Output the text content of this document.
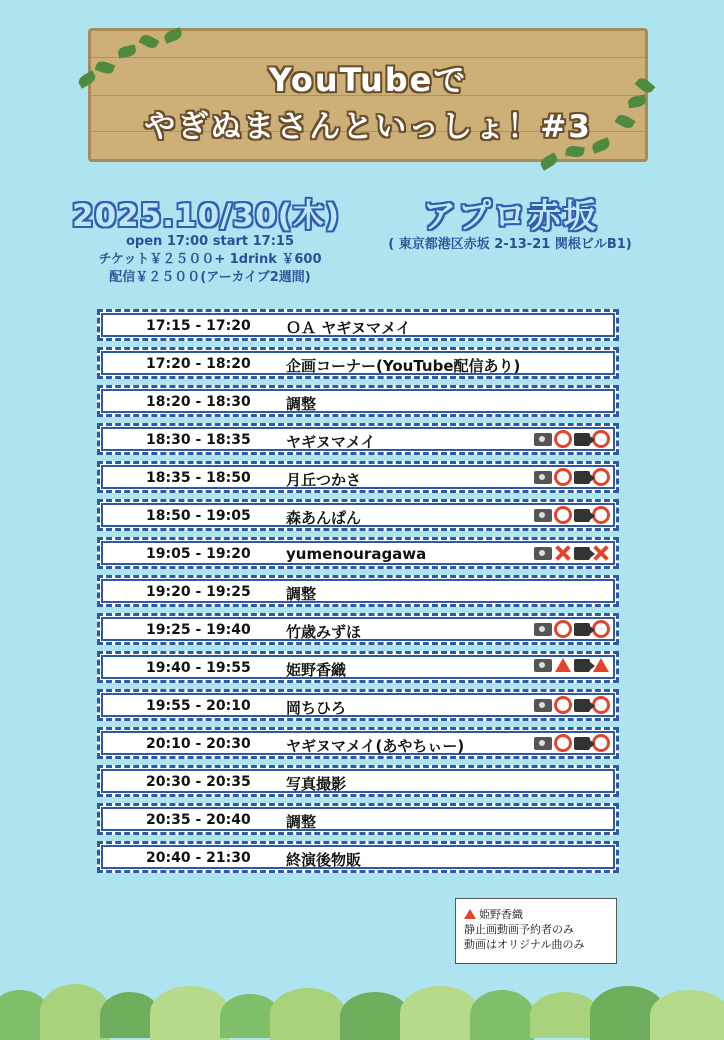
YouTubeで
やぎぬまさんといっしょ！#3
2025.10/30(木)	アプロ赤坂
( 東京都港区赤坂 2-13-21 関根ビルB1)
open 17:00 start 17:15
チケット￥２５００+ 1drink ￥600
配信￥２５００(アーカイブ2週間)
17:15 - 17:20 ＯＡ ヤギヌマメイ
17:20 - 18:20 企画コーナー(YouTube配信あり)
18:20 - 18:30 調整
18:30 - 18:35 ヤギヌマメイ
18:35 - 18:50 月丘つかさ
18:50 - 19:05 森あんぱん
19:05 - 19:20 yumenouragawa
19:20 - 19:25 調整
19:25 - 19:40 竹歳みずほ
19:40 - 19:55 姫野香織
19:55 - 20:10 岡ちひろ
20:10 - 20:30 ヤギヌマメイ(あやちぃー)
20:30 - 20:35 写真撮影
20:35 - 20:40 調整
20:40 - 21:30 終演後物販
姫野香織
静止画動画予約者のみ
動画はオリジナル曲のみ
